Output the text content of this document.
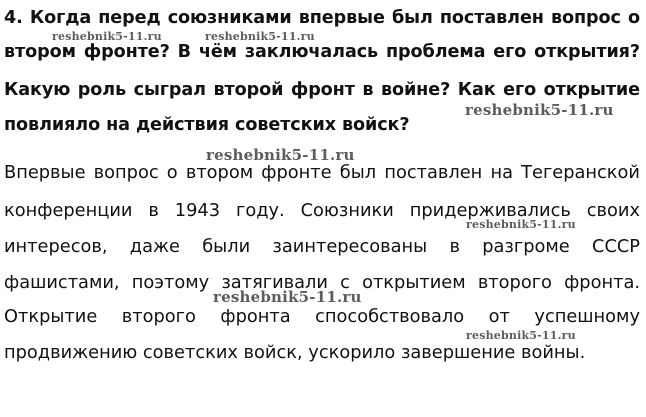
4. Когда перед союзниками впервые был поставлен вопрос о
втором фронте? В чём заключалась проблема его открытия?
Какую роль сыграл второй фронт в войне? Как его открытие
повлияло на действия советских войск?
Впервые вопрос о втором фронте был поставлен на Тегеранской
конференции в 1943 году. Союзники придерживались своих
интересов, даже были заинтересованы в разгроме СССР
фашистами, поэтому затягивали с открытием второго фронта.
Открытие второго фронта способствовало от успешному
продвижению советских войск, ускорило завершение войны.
reshebnik5-11.ru	reshebnik5-11.ru
reshebnik5-11.ru
reshebnik5-11.ru
reshebnik5-11.ru
reshebnik5-11.ru
reshebnik5-11.ru
